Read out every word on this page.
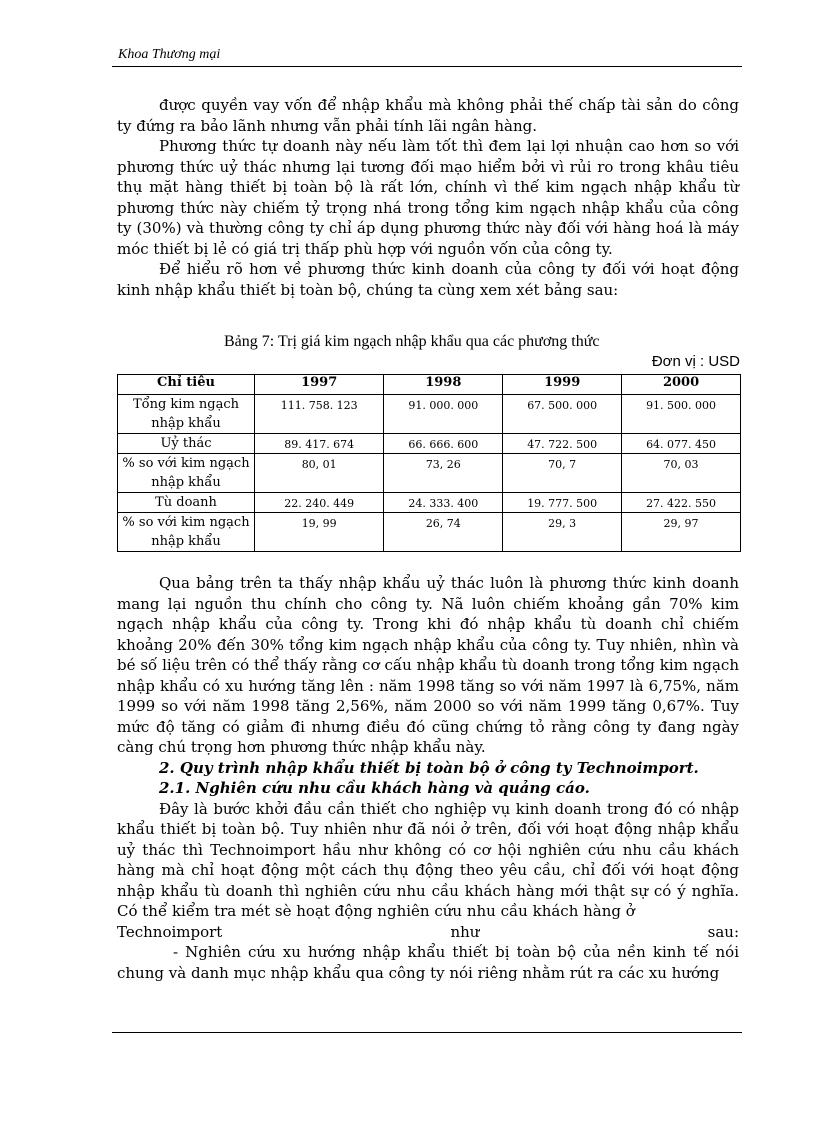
Khoa Thương mại

được quyền vay vốn để nhập khẩu mà không phải thế chấp tài sản do công ty đứng ra bảo lãnh nhưng vẫn phải tính lãi ngân hàng.

Phương thức tự doanh này nếu làm tốt thì đem lại lợi nhuận cao hơn so với phương thức uỷ thác nhưng lại tương đối mạo hiểm bởi vì rủi ro trong khâu tiêu thụ mặt hàng thiết bị toàn bộ là rất lớn, chính vì thế kim ngạch nhập khẩu từ phương thức này chiếm tỷ trọng nhá trong tổng kim ngạch nhập khẩu của công ty (30%) và thường công ty chỉ áp dụng phương thức này đối với hàng hoá là máy móc thiết bị lẻ có giá trị thấp phù hợp với nguồn vốn của công ty.

Để hiểu rõ hơn về phương thức kinh doanh của công ty đối với hoạt động kinh nhập khẩu thiết bị toàn bộ, chúng ta cùng xem xét bảng sau:

Bảng 7: Trị giá kim ngạch nhập khẩu qua các phương thức
Đơn vị : USD
Chỉ tiêu	1997	1998	1999	2000
Tổng kim ngạch nhập khẩu	111. 758. 123	91. 000. 000	67. 500. 000	91. 500. 000
Uỷ thác	89. 417. 674	66. 666. 600	47. 722. 500	64. 077. 450
% so với kim ngạch nhập khẩu	80, 01	73, 26	70, 7	70, 03
Tù doanh	22. 240. 449	24. 333. 400	19. 777. 500	27. 422. 550
% so với kim ngạch nhập khẩu	19, 99	26, 74	29, 3	29, 97

Qua bảng trên ta thấy nhập khẩu uỷ thác luôn là phương thức kinh doanh mang lại nguồn thu chính cho công ty. Nã luôn chiếm khoảng gần 70% kim ngạch nhập khẩu của công ty. Trong khi đó nhập khẩu tù doanh chỉ chiếm khoảng 20% đến 30% tổng kim ngạch nhập khẩu của công ty. Tuy nhiên, nhìn và bé số liệu trên có thể thấy rằng cơ cấu nhập khẩu tù doanh trong tổng kim ngạch nhập khẩu có xu hướng tăng lên : năm 1998 tăng so với năm 1997 là 6,75%, năm 1999 so với năm 1998 tăng 2,56%, năm 2000 so với năm 1999 tăng 0,67%. Tuy mức độ tăng có giảm đi nhưng điều đó cũng chứng tỏ rằng công ty đang ngày càng chú trọng hơn phương thức nhập khẩu này.

2. Quy trình nhập khẩu thiết bị toàn bộ ở công ty Technoimport.

2.1. Nghiên cứu nhu cầu khách hàng và quảng cáo.

Đây là bước khởi đầu cần thiết cho nghiệp vụ kinh doanh trong đó có nhập khẩu thiết bị toàn bộ. Tuy nhiên như đã nói ở trên, đối với hoạt động nhập khẩu uỷ thác thì Technoimport hầu như không có cơ hội nghiên cứu nhu cầu khách hàng mà chỉ hoạt động một cách thụ động theo yêu cầu, chỉ đối với hoạt động nhập khẩu tù doanh thì nghiên cứu nhu cầu khách hàng mới thật sự có ý nghĩa. Có thể kiểm tra mét sè hoạt động nghiên cứu nhu cầu khách hàng ở

Technoimport như sau:

- Nghiên cứu xu hướng nhập khẩu thiết bị toàn bộ của nền kinh tế nói chung và danh mục nhập khẩu qua công ty nói riêng nhằm rút ra các xu hướng
